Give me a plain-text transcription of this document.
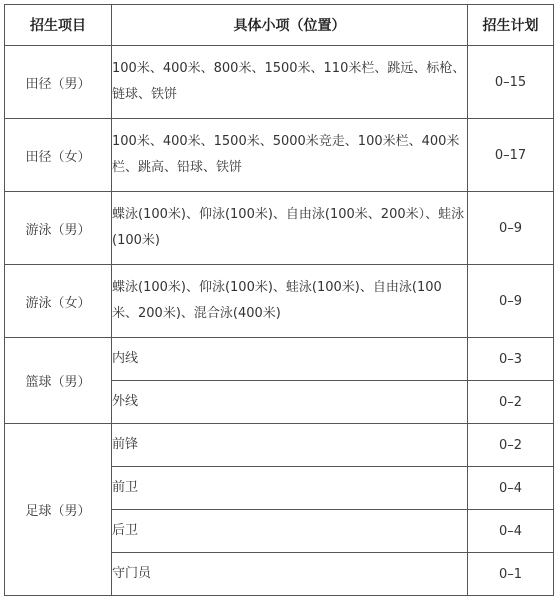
招生项目	具体小项（位置）	招生计划
田径（男）	100米、400米、800米、1500米、110米栏、跳远、标枪、链球、铁饼	0–15
田径（女）	100米、400米、1500米、5000米竞走、100米栏、400米栏、跳高、铅球、铁饼	0–17
游泳（男）	蝶泳(100米)、仰泳(100米)、自由泳(100米、200米）、蛙泳(100米)	0–9
游泳（女）	蝶泳(100米)、仰泳(100米)、蛙泳(100米)、自由泳(100米、200米)、混合泳(400米)	0–9
篮球（男）	内线	0–3
	外线	0–2
足球（男）	前锋	0–2
	前卫	0–4
	后卫	0–4
	守门员	0–1
